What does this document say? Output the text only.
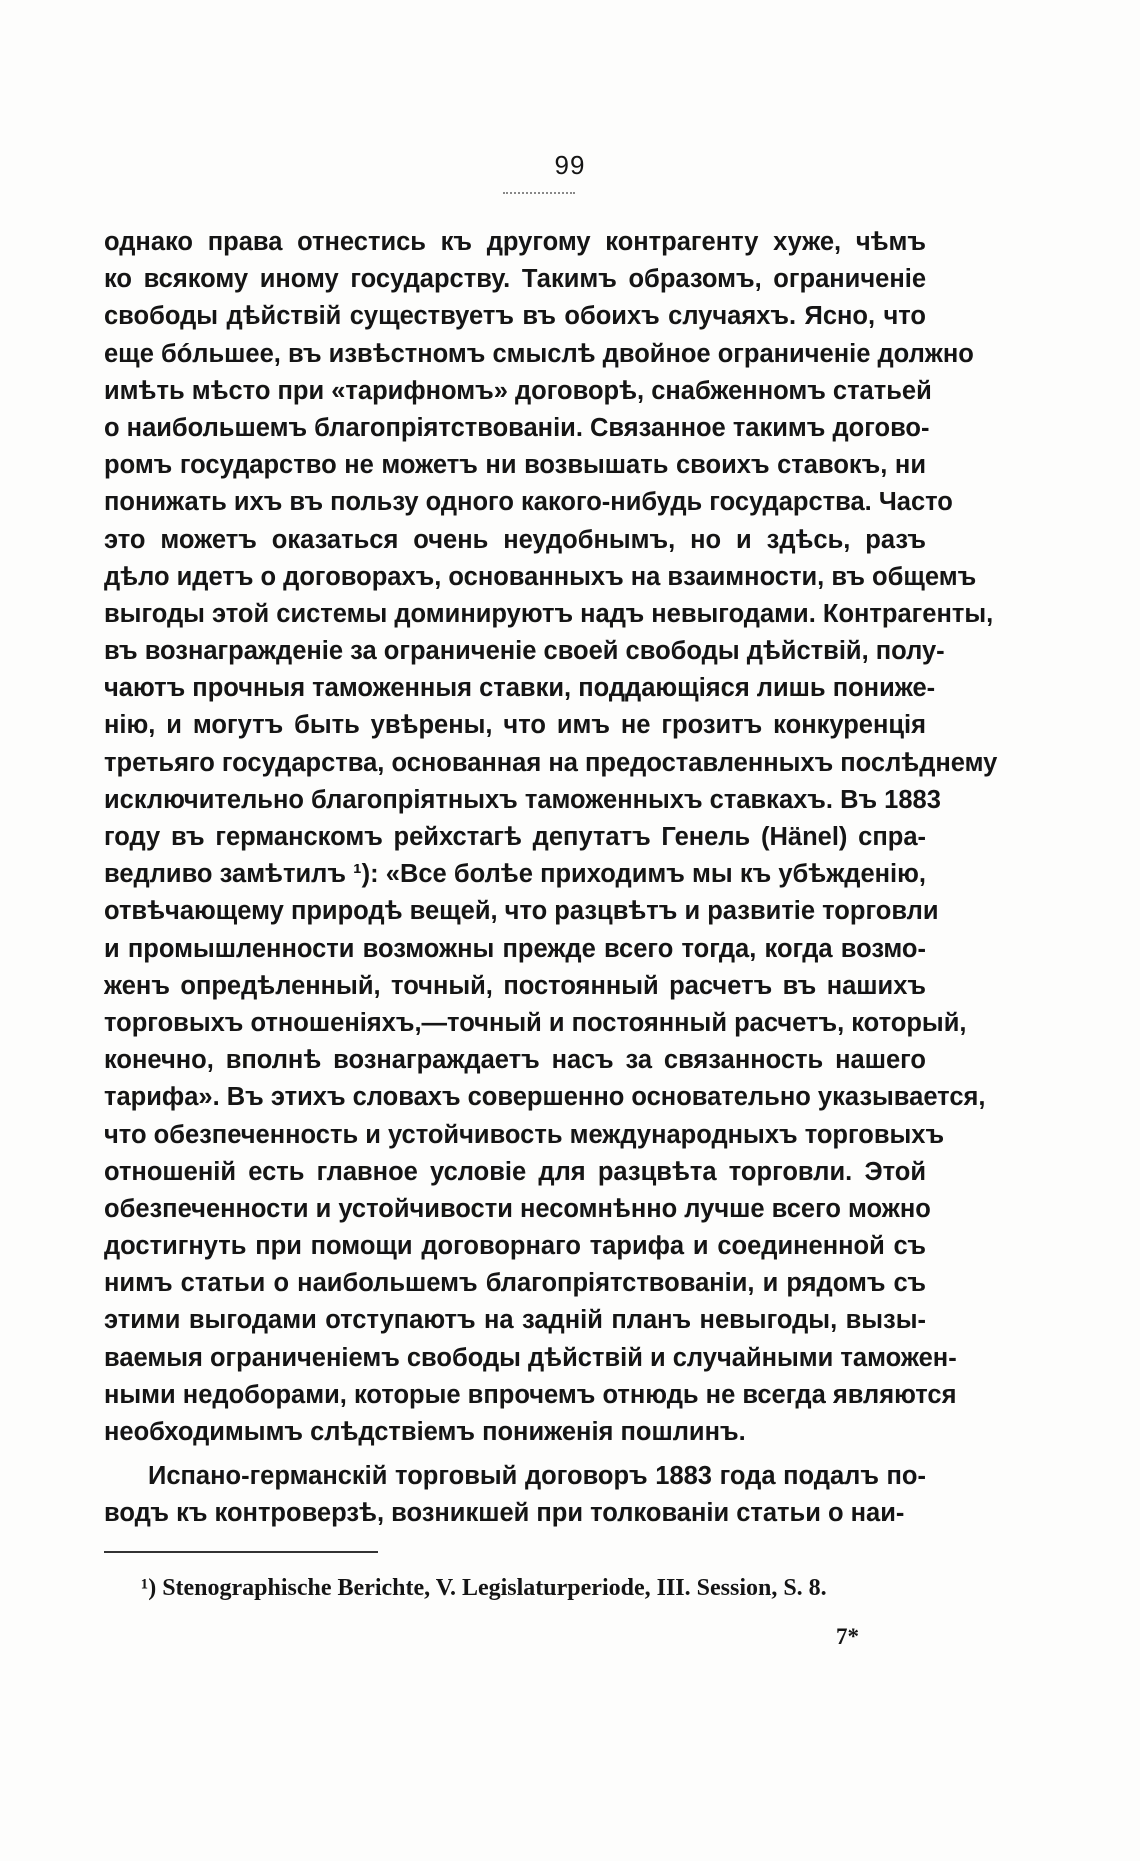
99
однако права отнестись къ другому контрагенту хуже, чѣмъ
ко всякому иному государству. Такимъ образомъ, ограниченіе
свободы дѣйствій существуетъ въ обоихъ случаяхъ. Ясно, что
еще бóльшее, въ извѣстномъ смыслѣ двойное ограниченіе должно
имѣть мѣсто при «тарифномъ» договорѣ, снабженномъ статьей
о наибольшемъ благопріятствованіи. Связанное такимъ догово-
ромъ государство не можетъ ни возвышать своихъ ставокъ, ни
понижать ихъ въ пользу одного какого-нибудь государства. Часто
это можетъ оказаться очень неудобнымъ, но и здѣсь, разъ
дѣло идетъ о договорахъ, основанныхъ на взаимности, въ общемъ
выгоды этой системы доминируютъ надъ невыгодами. Контрагенты,
въ вознагражденіе за ограниченіе своей свободы дѣйствій, полу-
чаютъ прочныя таможенныя ставки, поддающіяся лишь пониже-
нію, и могутъ быть увѣрены, что имъ не грозитъ конкуренція
третьяго государства, основанная на предоставленныхъ послѣднему
исключительно благопріятныхъ таможенныхъ ставкахъ. Въ 1883
году въ германскомъ рейхстагѣ депутатъ Генель (Hänel) спра-
ведливо замѣтилъ ¹): «Все болѣе приходимъ мы къ убѣжденію,
отвѣчающему природѣ вещей, что разцвѣтъ и развитіе торговли
и промышленности возможны прежде всего тогда, когда возмо-
женъ опредѣленный, точный, постоянный расчетъ въ нашихъ
торговыхъ отношеніяхъ,—точный и постоянный расчетъ, который,
конечно, вполнѣ вознаграждаетъ насъ за связанность нашего
тарифа». Въ этихъ словахъ совершенно основательно указывается,
что обезпеченность и устойчивость международныхъ торговыхъ
отношеній есть главное условіе для разцвѣта торговли. Этой
обезпеченности и устойчивости несомнѣнно лучше всего можно
достигнуть при помощи договорнаго тарифа и соединенной съ
нимъ статьи о наибольшемъ благопріятствованіи, и рядомъ съ
этими выгодами отступаютъ на заднiй планъ невыгоды, вызы-
ваемыя ограниченіемъ свободы дѣйствій и случайными таможен-
ными недоборами, которые впрочемъ отнюдь не всегда являются
необходимымъ слѣдствіемъ пониженія пошлинъ.
Испано-германскій торговый договоръ 1883 года подалъ по-
водъ къ контроверзѣ, возникшей при толкованіи статьи о наи-
¹) Stenographische Berichte, V. Legislaturperiode, III. Session, S. 8.
7*
